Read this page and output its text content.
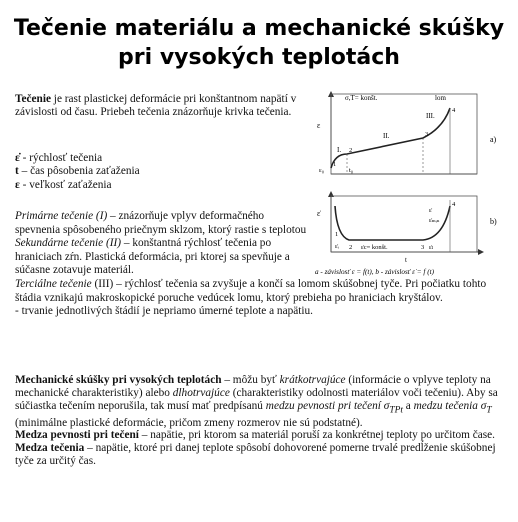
Tečenie materiálu a mechanické skúšky
pri vysokých teplotách

Tečenie je rast plastickej deformácie pri konštantnom napätí v závislosti od času. Priebeh tečenia znázorňuje krivka tečenia.

ε̇ - rýchlosť tečenia

t – čas pôsobenia zaťaženia

ε - veľkosť zaťaženia

Primárne tečenie (I) – znázorňuje vplyv deformačného spevnenia spôsobeného priečnym sklzom, ktorý rastie s teplotou

Sekundárne tečenie (II) – konštantná rýchlosť tečenia po hraniciach zŕn. Plastická deformácia, pri ktorej sa spevňuje a súčasne zotavuje materiál.

Terciálne tečenie (III) – rýchlosť tečenia sa zvyšuje a končí sa lomom skúšobnej tyče. Pri počiatku tohto štádia vznikajú makroskopické poruche vedúcek lomu, ktorý prebieha po hraniciach kryštálov.

- trvanie jednotlivých štádií je nepriamo úmerné teplote a napätiu.

Mechanické skúšky pri vysokých teplotách – môžu byť krátkotrvajúce (informácie o vplyve teploty na mechanické charakteristiky) alebo dlhotrvajúce (charakteristiky odolnosti materiálov voči tečeniu). Aby sa súčiastka tečením neporušila, tak musí mať predpísanú medzu pevnosti pri tečení $\sigma_{TPt}$ a medzu tečenia $\sigma_T$ (minimálne plastické deformácie, pričom zmeny rozmerov nie sú podstatné).

Medza pevnosti pri tečení – napätie, pri ktorom sa materiál poruší za konkrétnej teploty po určitom čase.

Medza tečenia – napätie, ktoré pri danej teplote spôsobí dohovorené pomerne trvalé predĺženie skúšobnej tyče za určitý čas.

σ,T= konšt.	lom
ε
I.
II.
III.
1
2
3
4
t₀
ε₀
a)
ε̇
1
2	3
4
ε̇ᵢ	ε̇c= konšt.	ε̇ₗ
ε̇ₘᵢₙ
ε̇
t
b)
a - závislosť ε = f(t), b - závislosť ε̇ = f (t)
